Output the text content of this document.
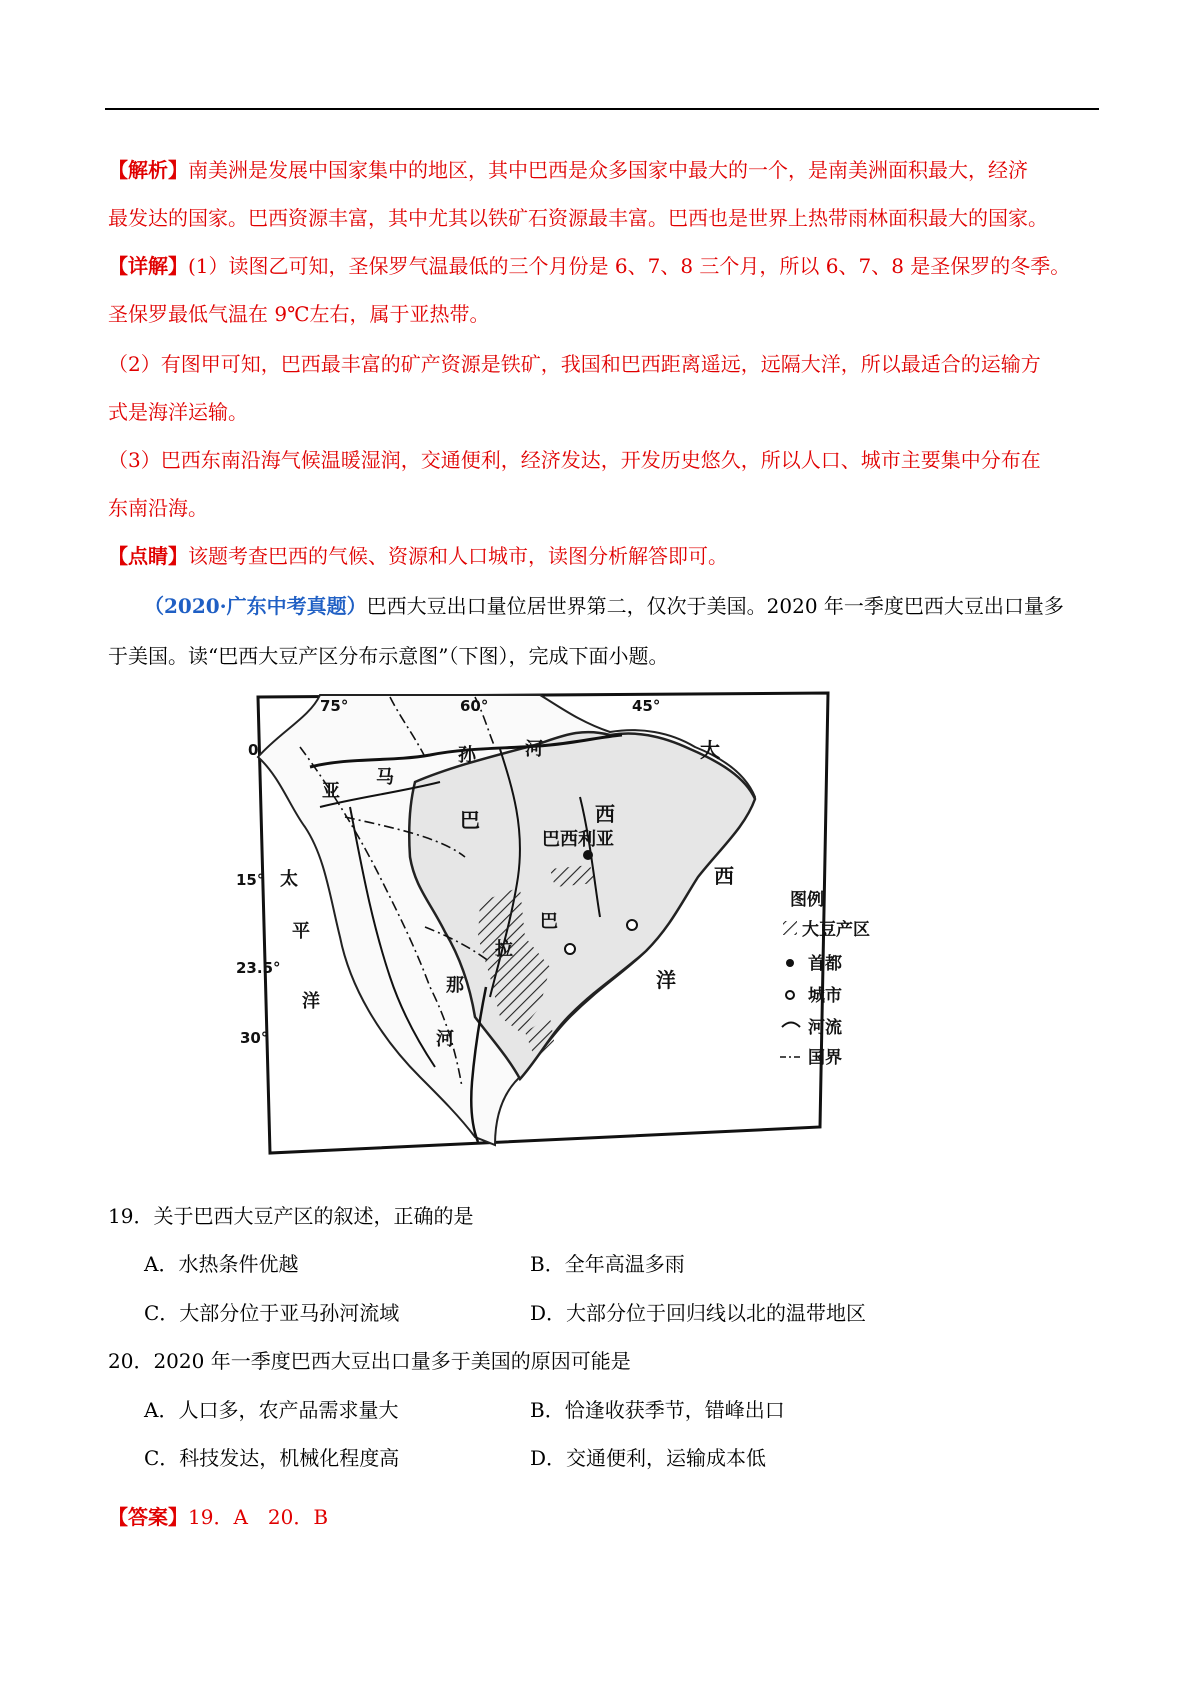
【解析】南美洲是发展中国家集中的地区，其中巴西是众多国家中最大的一个，是南美洲面积最大，经济
最发达的国家。巴西资源丰富，其中尤其以铁矿石资源最丰富。巴西也是世界上热带雨林面积最大的国家。
【详解】(1）读图乙可知，圣保罗气温最低的三个月份是 6、7、8 三个月，所以 6、7、8 是圣保罗的冬季。
圣保罗最低气温在 9℃左右，属于亚热带。
（2）有图甲可知，巴西最丰富的矿产资源是铁矿，我国和巴西距离遥远，远隔大洋，所以最适合的运输方
式是海洋运输。
（3）巴西东南沿海气候温暖湿润，交通便利，经济发达，开发历史悠久，所以人口、城市主要集中分布在
东南沿海。
【点睛】该题考查巴西的气候、资源和人口城市，读图分析解答即可。
（2020·广东中考真题）巴西大豆出口量位居世界第二，仅次于美国。2020 年一季度巴西大豆出口量多
于美国。读“巴西大豆产区分布示意图”（下图），完成下面小题。
75°	60°	45°
0
15°
23.5°
30°
亚
马
孙	河
巴	西
巴西利亚
巴
拉
那
河
太
平
洋
大
西
洋
图例
大豆产区
首都
城市
河流
国界
19．关于巴西大豆产区的叙述，正确的是
A．水热条件优越	B．全年高温多雨
C．大部分位于亚马孙河流域	D．大部分位于回归线以北的温带地区
20．2020 年一季度巴西大豆出口量多于美国的原因可能是
A．人口多，农产品需求量大	B．恰逢收获季节，错峰出口
C．科技发达，机械化程度高	D．交通便利，运输成本低
【答案】19．A　20．B
